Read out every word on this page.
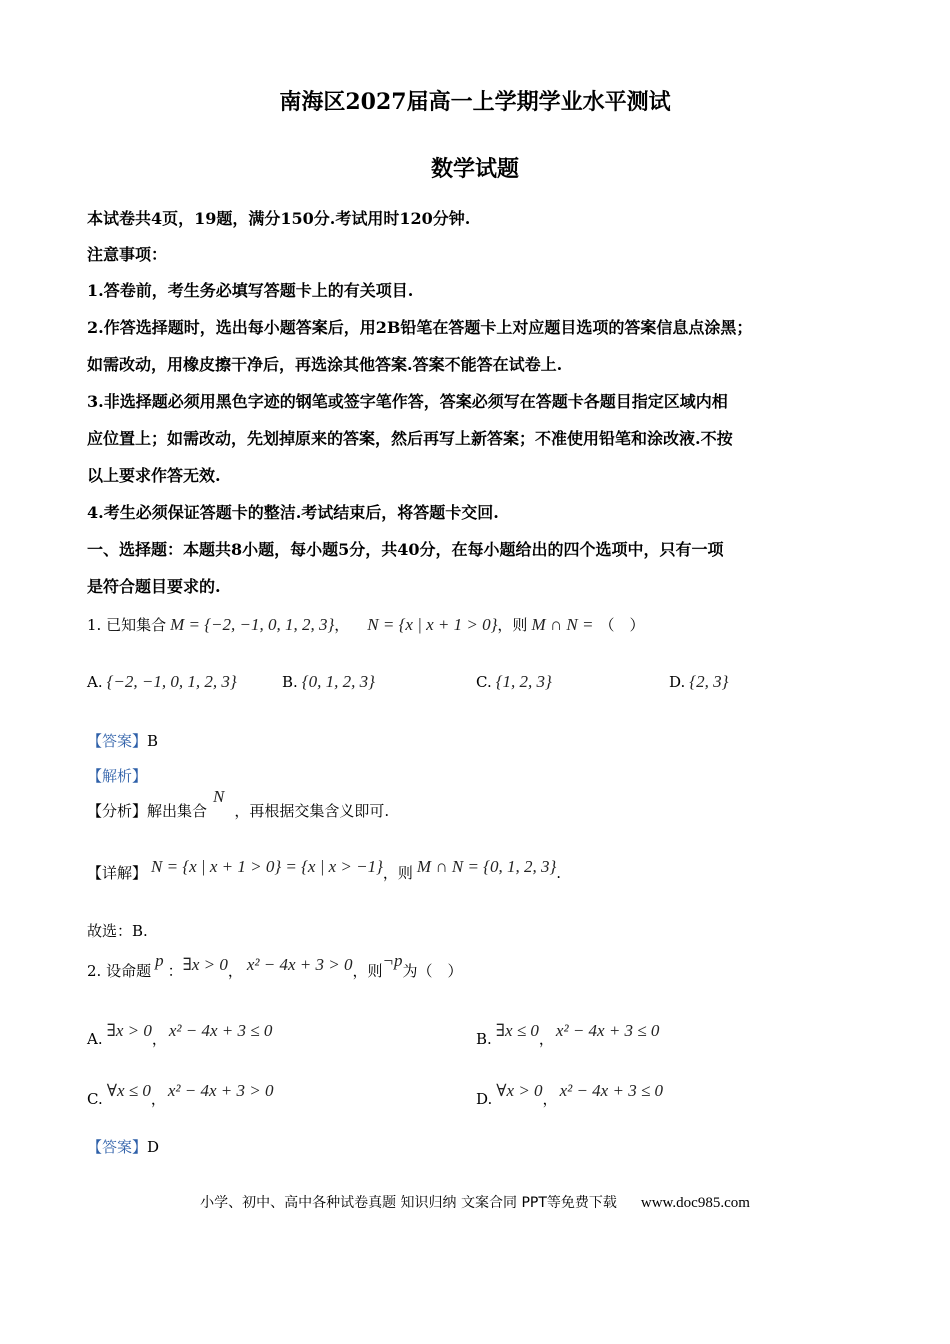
南海区2027届高一上学期学业水平测试
数学试题
本试卷共4页，19题，满分150分.考试用时120分钟.
注意事项：
1.答卷前，考生务必填写答题卡上的有关项目.
2.作答选择题时，选出每小题答案后，用2B铅笔在答题卡上对应题目选项的答案信息点涂黑；
如需改动，用橡皮擦干净后，再选涂其他答案.答案不能答在试卷上.
3.非选择题必须用黑色字迹的钢笔或签字笔作答，答案必须写在答题卡各题目指定区域内相
应位置上；如需改动，先划掉原来的答案，然后再写上新答案；不准使用铅笔和涂改液.不按
以上要求作答无效.
4.考生必须保证答题卡的整洁.考试结束后，将答题卡交回.
一、选择题：本题共8小题，每小题5分，共40分，在每小题给出的四个选项中，只有一项
是符合题目要求的.
1. 已知集合 M = {−2, −1, 0, 1, 2, 3}， N = {x | x + 1 > 0}，则 M ∩ N = （　）
A. {−2, −1, 0, 1, 2, 3}	B. {0, 1, 2, 3}	C. {1, 2, 3}	D. {2, 3}
【答案】B
【解析】
【分析】解出集合N，再根据交集含义即可.
【详解】 N = {x | x + 1 > 0} = {x | x > −1}，则 M ∩ N = {0, 1, 2, 3}.
故选：B.
2. 设命题p：∃x > 0， x² − 4x + 3 > 0，则¬p为（　）
A. ∃x > 0， x² − 4x + 3 ≤ 0	B. ∃x ≤ 0， x² − 4x + 3 ≤ 0
C. ∀x ≤ 0， x² − 4x + 3 > 0	D. ∀x > 0， x² − 4x + 3 ≤ 0
【答案】D
小学、初中、高中各种试卷真题 知识归纳 文案合同 PPT等免费下载 www.doc985.com
